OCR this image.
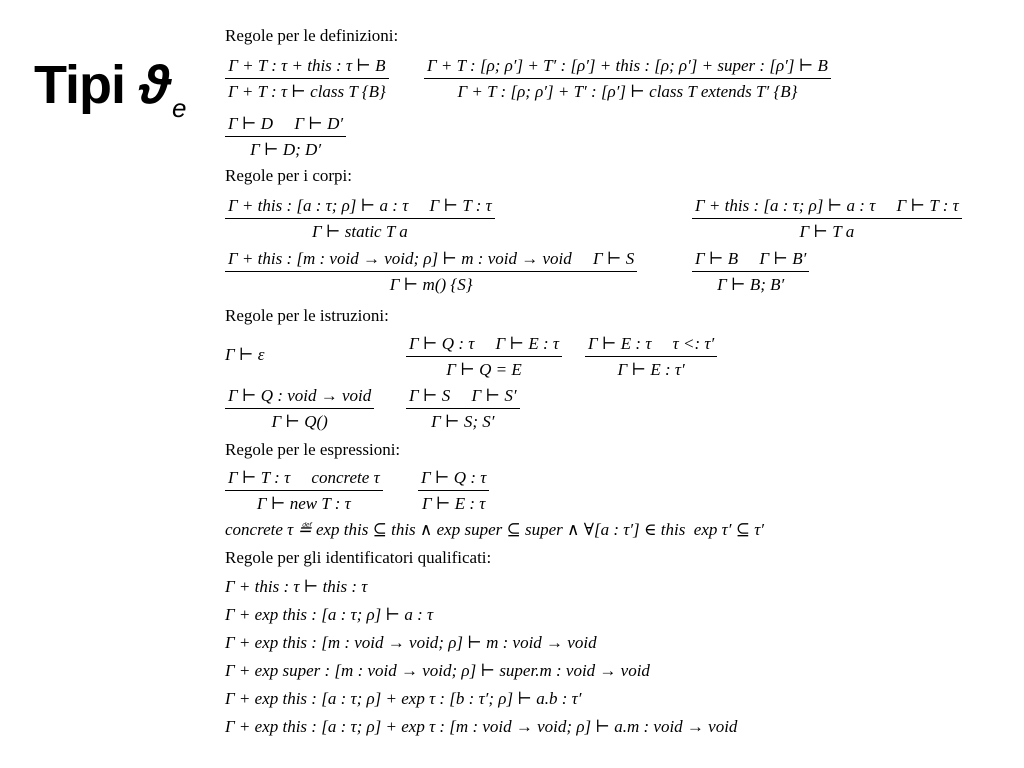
Tipi $ϑ_e$
Regole per le definizioni:
Γ + T : τ + this : τ ⊢ B
Γ + T : τ ⊢ class T {B}
Γ + T : [ρ; ρ′] + T′ : [ρ′] + this : [ρ; ρ′] + super : [ρ′] ⊢ B
Γ + T : [ρ; ρ′] + T′ : [ρ′] ⊢ class T extends T′ {B}
Γ ⊢ D     Γ ⊢ D′
Γ ⊢ D; D′
Regole per i corpi:
Γ + this : [a : τ; ρ] ⊢ a : τ     Γ ⊢ T : τ
Γ ⊢ static T a
Γ + this : [a : τ; ρ] ⊢ a : τ     Γ ⊢ T : τ
Γ ⊢ T a
Γ + this : [m : void → void; ρ] ⊢ m : void → void     Γ ⊢ S
Γ ⊢ m() {S}
Γ ⊢ B     Γ ⊢ B′
Γ ⊢ B; B′
Regole per le istruzioni:
Γ ⊢ ε
Γ ⊢ Q : τ     Γ ⊢ E : τ
Γ ⊢ Q = E
Γ ⊢ E : τ     τ <: τ′
Γ ⊢ E : τ′
Γ ⊢ Q : void → void
Γ ⊢ Q()
Γ ⊢ S     Γ ⊢ S′
Γ ⊢ S; S′
Regole per le espressioni:
Γ ⊢ T : τ     concrete τ
Γ ⊢ new T : τ
Γ ⊢ Q : τ
Γ ⊢ E : τ
concrete τ ≝ exp this ⊆ this ∧ exp super ⊆ super ∧ ∀[a : τ′] ∈ this  exp τ′ ⊆ τ′
Regole per gli identificatori qualificati:
Γ + this : τ ⊢ this : τ
Γ + exp this : [a : τ; ρ] ⊢ a : τ
Γ + exp this : [m : void → void; ρ] ⊢ m : void → void
Γ + exp super : [m : void → void; ρ] ⊢ super.m : void → void
Γ + exp this : [a : τ; ρ] + exp τ : [b : τ′; ρ] ⊢ a.b : τ′
Γ + exp this : [a : τ; ρ] + exp τ : [m : void → void; ρ] ⊢ a.m : void → void
